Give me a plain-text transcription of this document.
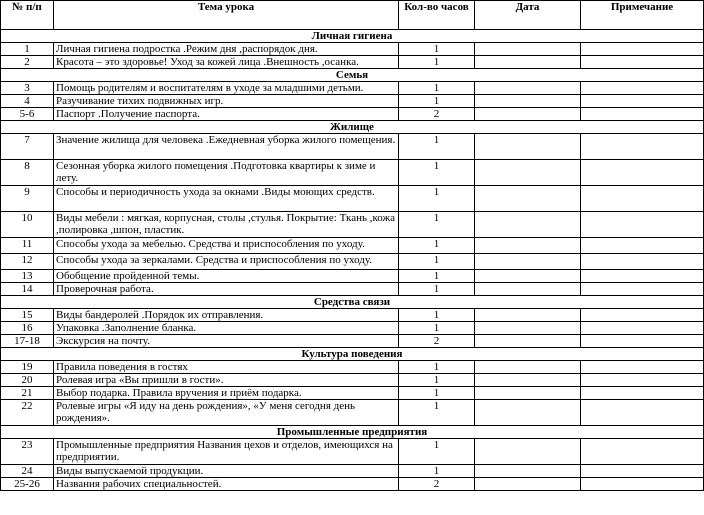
№ п/п	Тема урока	Кол-во часов	Дата	Примечание
Личная гигиена				
1	Личная гигиена подростка .Режим дня ,распорядок дня.	1		
2	Красота – это здоровье! Уход за кожей лица .Внешность ,осанка.	1		
Семья				
3	Помощь родителям и воспитателям в уходе за младшими детьми.	1		
4	Разучивание тихих подвижных игр.	1		
5-6	Паспорт .Получение паспорта.	2		
Жилище				
7	Значение жилища для человека .Ежедневная уборка жилого помещения.	1		
8	Сезонная уборка жилого помещения .Подготовка квартиры к зиме и лету.	1		
9	Способы и периодичность ухода за окнами .Виды моющих средств.	1		
10	Виды мебели : мягкая, корпусная, столы ,стулья. Покрытие: Ткань ,кожа ,полировка ,шпон, пластик.	1		
11	Способы ухода за мебелью. Средства и приспособления по уходу.	1		
12	Способы ухода за зеркалами. Средства и приспособления по уходу.	1		
13	Обобщение пройденной темы.	1		
14	Проверочная работа.	1		
Средства связи				
15	Виды бандеролей .Порядок их отправления.	1		
16	Упаковка .Заполнение бланка.	1		
17-18	Экскурсия на почту.	2		
Культура поведения				
19	Правила поведения в гостях	1		
20	Ролевая игра «Вы пришли в гости».	1		
21	Выбор подарка. Правила вручения и приём подарка.	1		
22	Ролевые игры «Я иду на день рождения», «У меня сегодня день рождения».	1		
Промышленные предприятия				
23	Промышленные предприятия Названия цехов и отделов, имеющихся на предприятии.	1		
24	Виды выпускаемой продукции.	1		
25-26	Названия рабочих специальностей.	2		
